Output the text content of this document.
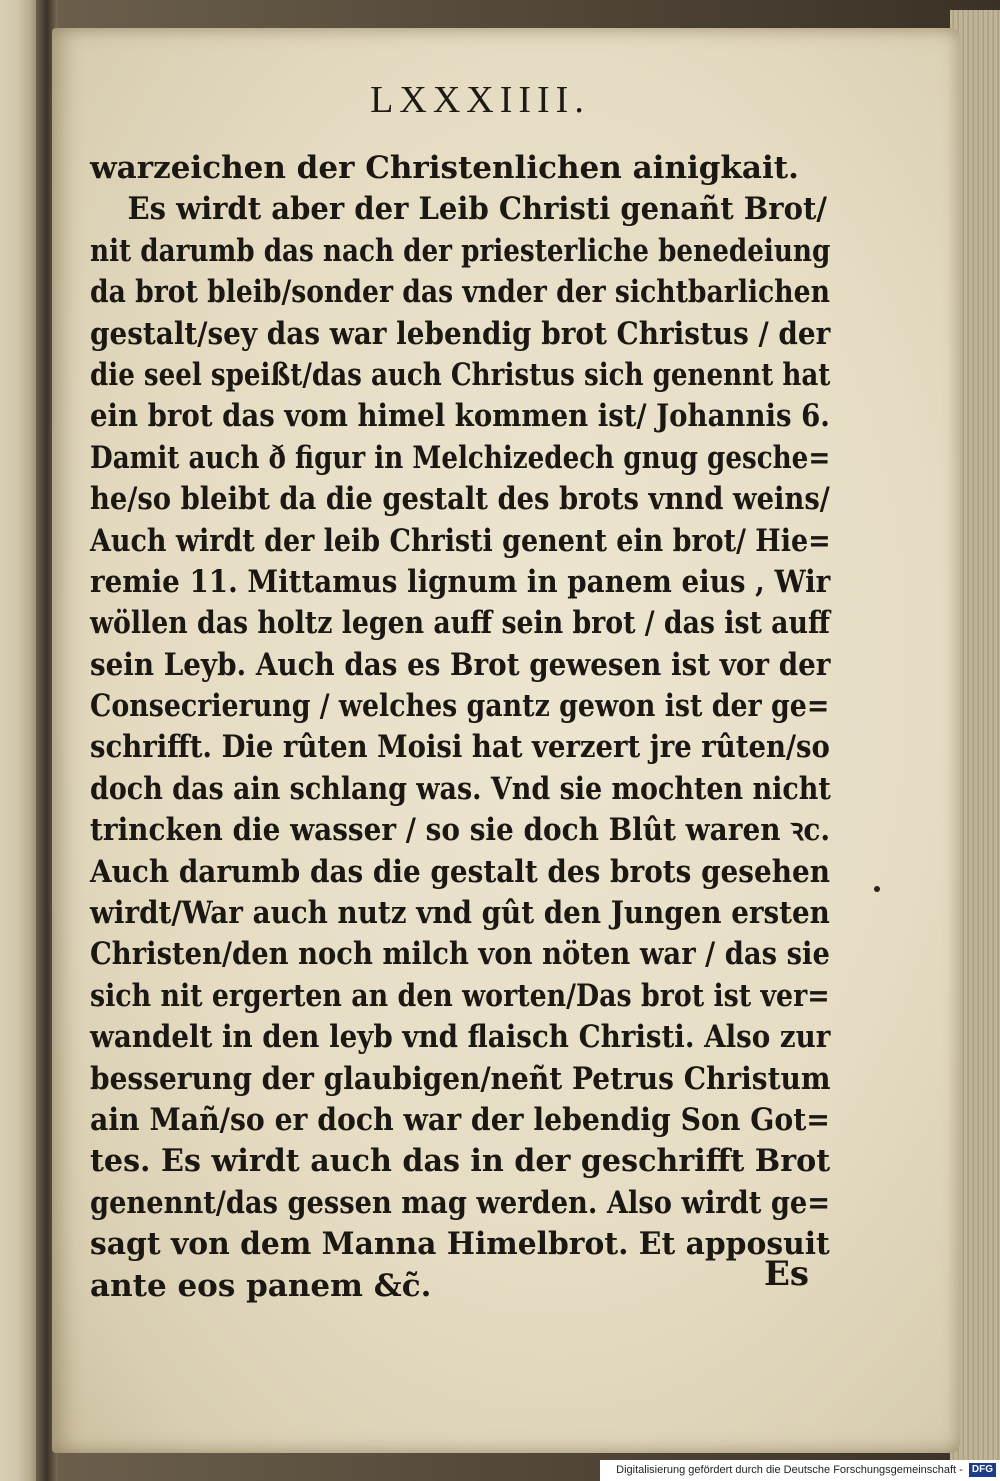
LXXXIIII.
warzeichen der Christenlichen ainigkait.
Es wirdt aber der Leib Christi genañt Brot/
nit darumb das nach der priesterliche benedeiung
da brot bleib/sonder das vnder der sichtbarlichen
gestalt/sey das war lebendig brot Christus / der
die seel speißt/das auch Christus sich genennt hat
ein brot das vom himel kommen ist/ Johannis 6.
Damit auch ð figur in Melchizedech gnug gesche=
he/so bleibt da die gestalt des brots vnnd weins/
Auch wirdt der leib Christi genent ein brot/ Hie=
remie 11. Mittamus lignum in panem eius , Wir
wöllen das holtz legen auff sein brot / das ist auff
sein Leyb. Auch das es Brot gewesen ist vor der
Consecrierung / welches gantz gewon ist der ge=
schrifft. Die rûten Moisi hat verzert jre rûten/so
doch das ain schlang was. Vnd sie mochten nicht
trincken die wasser / so sie doch Blût waren ꝛc.
Auch darumb das die gestalt des brots gesehen
wirdt/War auch nutz vnd gût den Jungen ersten
Christen/den noch milch von nöten war / das sie
sich nit ergerten an den worten/Das brot ist ver=
wandelt in den leyb vnd flaisch Christi. Also zur
besserung der glaubigen/neñt Petrus Christum
ain Mañ/so er doch war der lebendig Son Got=
tes. Es wirdt auch das in der geschrifft Brot
genennt/das gessen mag werden. Also wirdt ge=
sagt von dem Manna Himelbrot. Et apposuit
ante eos panem &c̃.	Es
Digitalisierung gefördert durch die Deutsche Forschungsgemeinschaft - DFG
